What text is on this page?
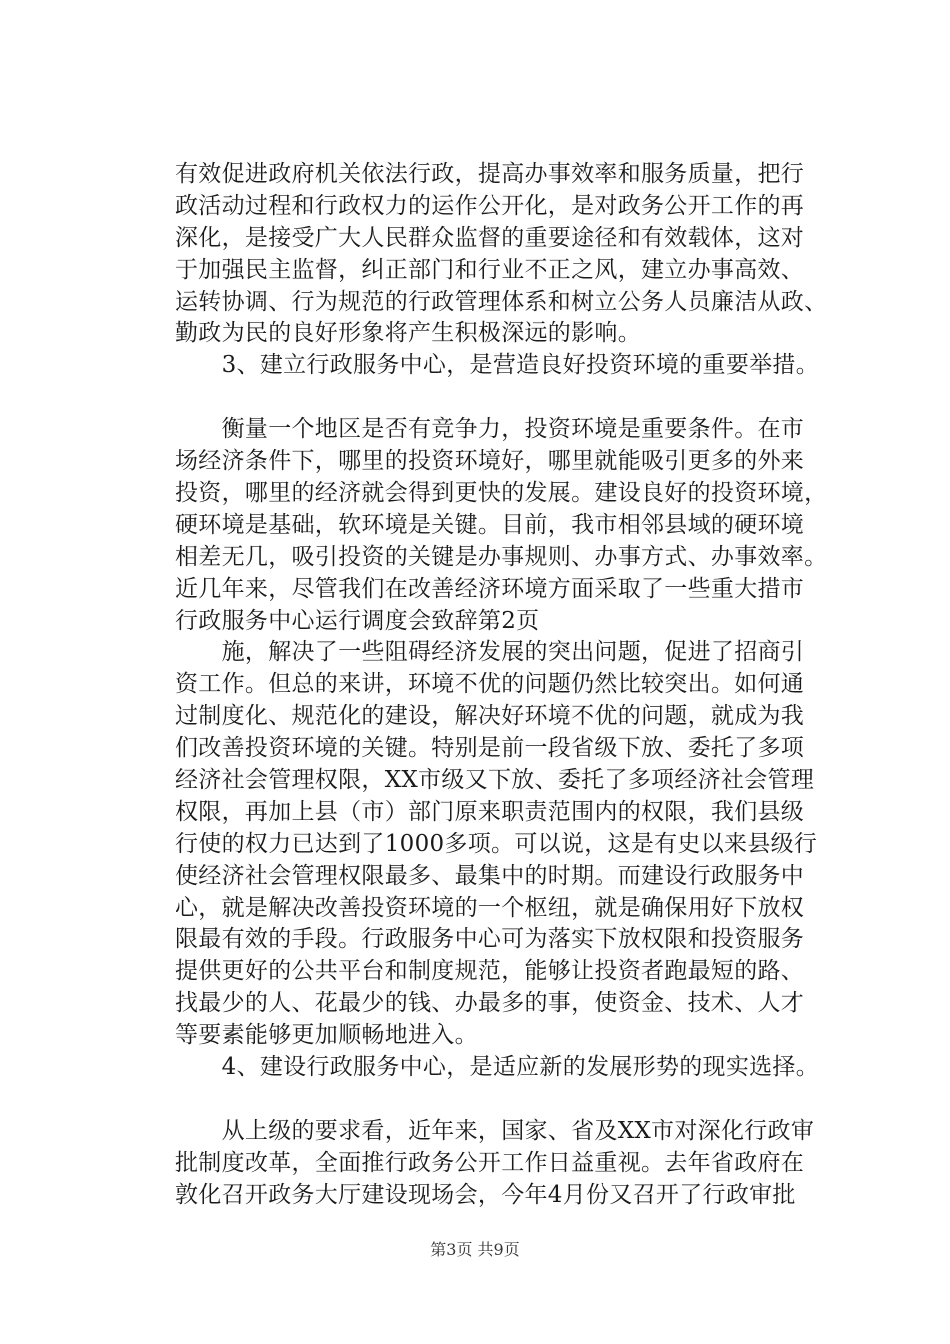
有效促进政府机关依法行政，提高办事效率和服务质量，把行
政活动过程和行政权力的运作公开化，是对政务公开工作的再
深化，是接受广大人民群众监督的重要途径和有效载体，这对
于加强民主监督，纠正部门和行业不正之风，建立办事高效、
运转协调、行为规范的行政管理体系和树立公务人员廉洁从政、
勤政为民的良好形象将产生积极深远的影响。
　　3、建立行政服务中心，是营造良好投资环境的重要举措。
　　衡量一个地区是否有竞争力，投资环境是重要条件。在市
场经济条件下，哪里的投资环境好，哪里就能吸引更多的外来
投资，哪里的经济就会得到更快的发展。建设良好的投资环境，
硬环境是基础，软环境是关键。目前，我市相邻县域的硬环境
相差无几，吸引投资的关键是办事规则、办事方式、办事效率。
近几年来，尽管我们在改善经济环境方面采取了一些重大措市
行政服务中心运行调度会致辞第2页
　　施，解决了一些阻碍经济发展的突出问题，促进了招商引
资工作。但总的来讲，环境不优的问题仍然比较突出。如何通
过制度化、规范化的建设，解决好环境不优的问题，就成为我
们改善投资环境的关键。特别是前一段省级下放、委托了多项
经济社会管理权限，XX市级又下放、委托了多项经济社会管理
权限，再加上县（市）部门原来职责范围内的权限，我们县级
行使的权力已达到了1000多项。可以说，这是有史以来县级行
使经济社会管理权限最多、最集中的时期。而建设行政服务中
心，就是解决改善投资环境的一个枢纽，就是确保用好下放权
限最有效的手段。行政服务中心可为落实下放权限和投资服务
提供更好的公共平台和制度规范，能够让投资者跑最短的路、
找最少的人、花最少的钱、办最多的事，使资金、技术、人才
等要素能够更加顺畅地进入。
　　4、建设行政服务中心，是适应新的发展形势的现实选择。
　　从上级的要求看，近年来，国家、省及XX市对深化行政审
批制度改革，全面推行政务公开工作日益重视。去年省政府在
敦化召开政务大厅建设现场会，今年4月份又召开了行政审批
第3页 共9页
